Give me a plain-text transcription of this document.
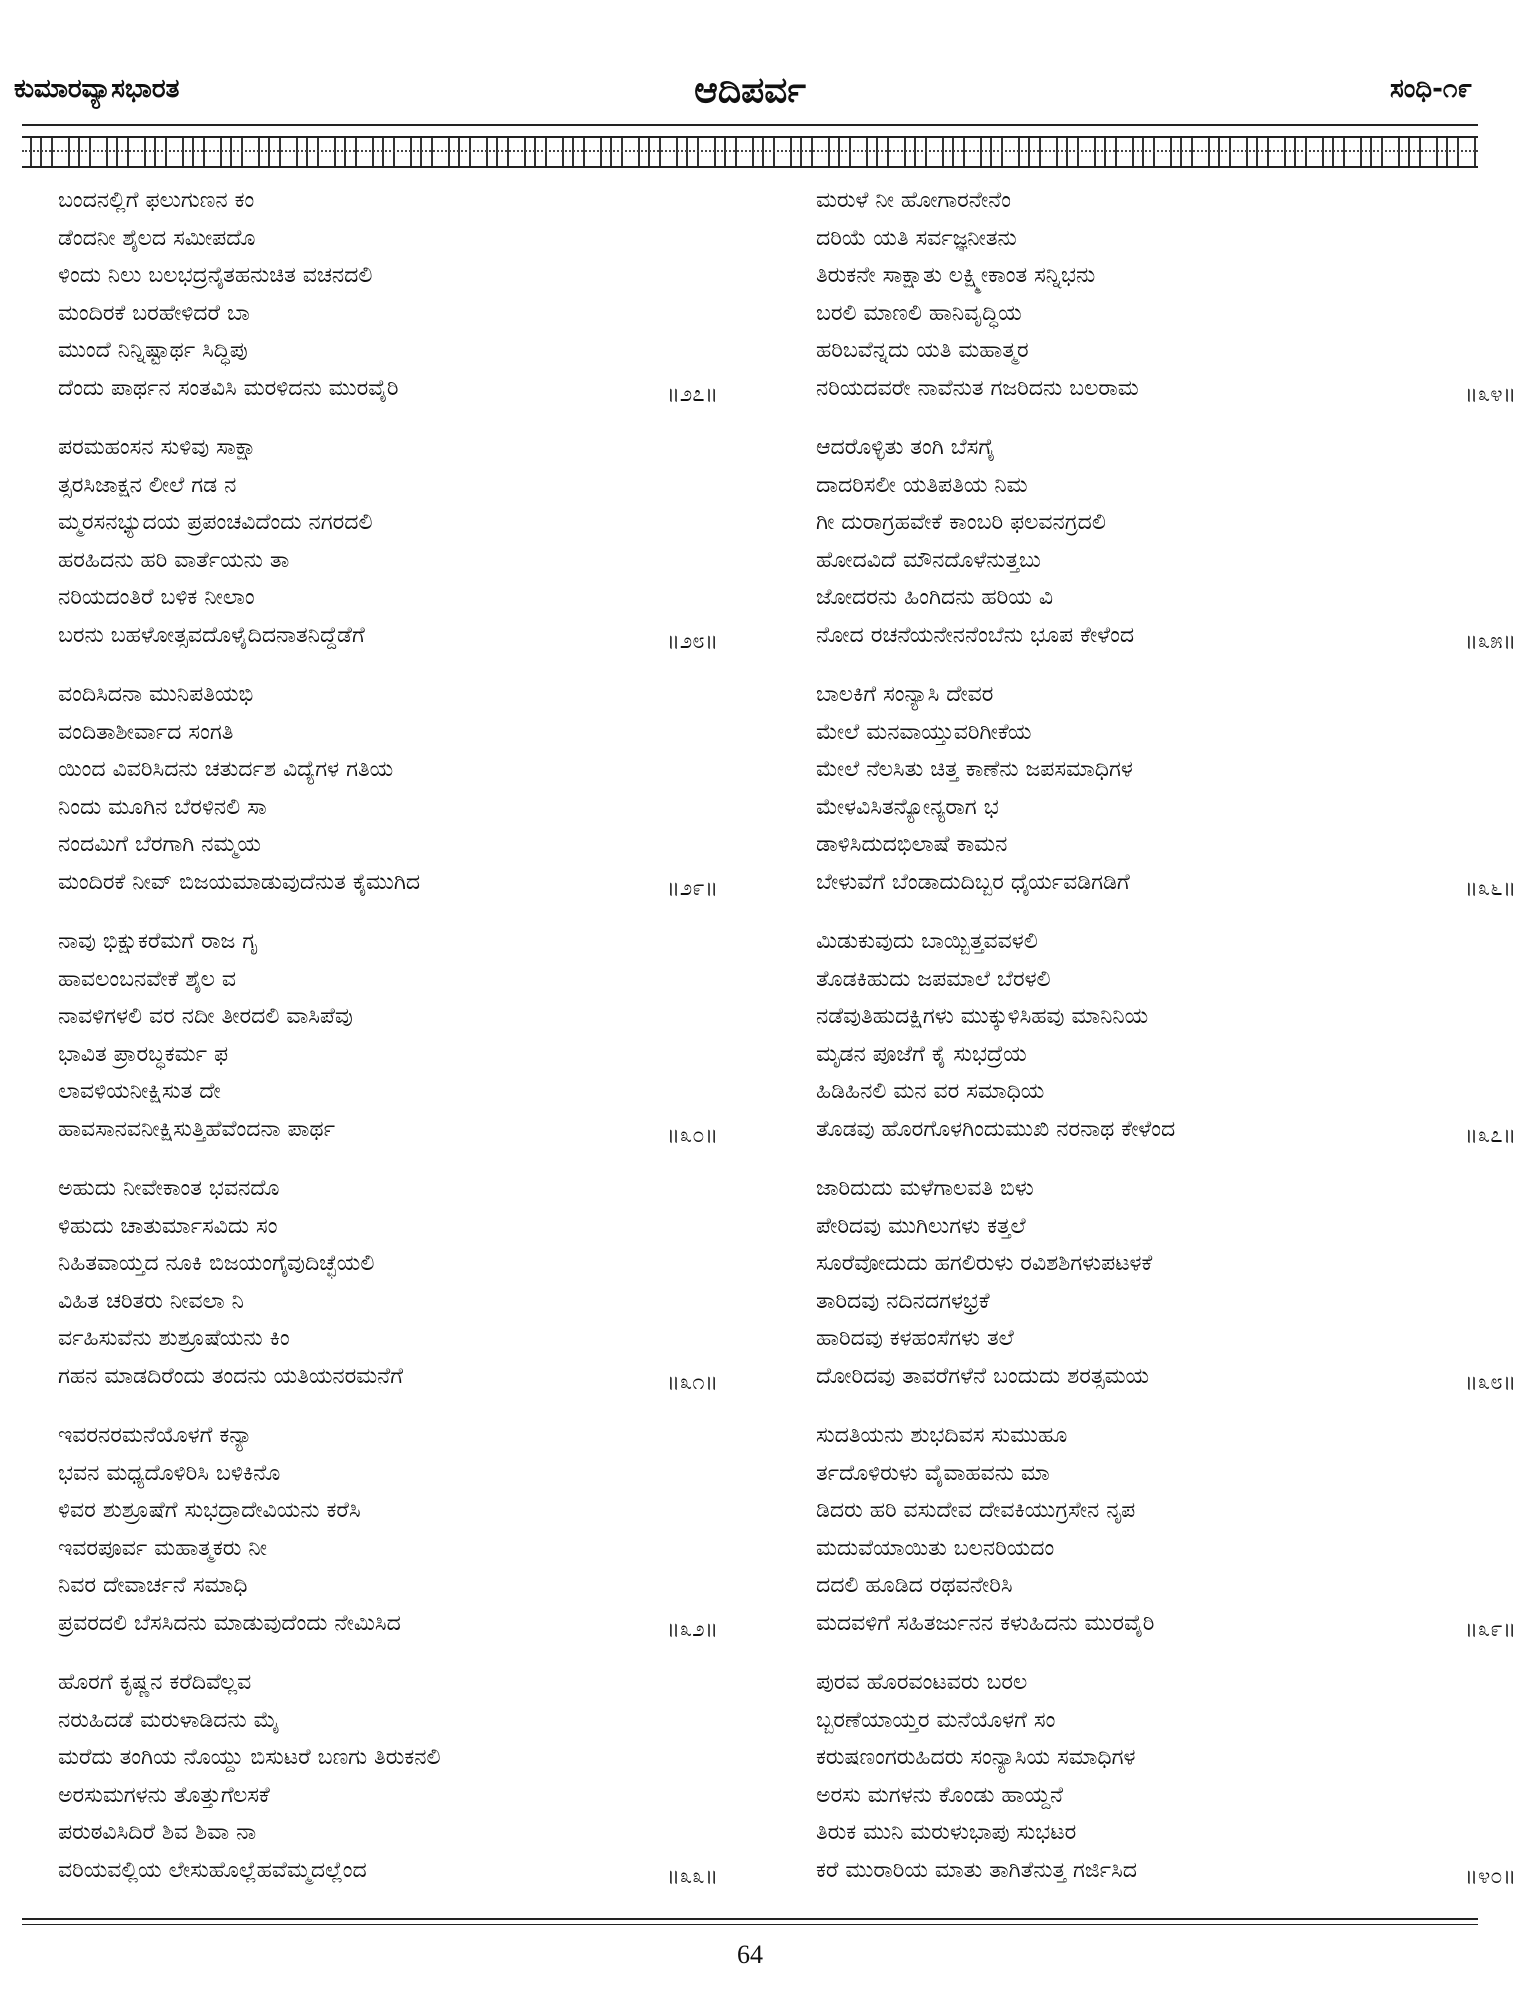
ಕುಮಾರವ್ಯಾಸಭಾರತ	ಆದಿಪರ್ವ	ಸಂಧಿ-೧೯
ಬಂದನಲ್ಲಿಗೆ ಫಲುಗುಣನ ಕಂ
ಡೆಂದನೀ ಶೈಲದ ಸಮೀಪದೊ
ಳಿಂದು ನಿಲು ಬಲಭದ್ರನೈತಹನುಚಿತ ವಚನದಲಿ
ಮಂದಿರಕೆ ಬರಹೇಳಿದರೆ ಬಾ
ಮುಂದೆ ನಿನ್ನಿಷ್ಟಾರ್ಥ ಸಿದ್ಧಿಪು
ದೆಂದು ಪಾರ್ಥನ ಸಂತವಿಸಿ ಮರಳಿದನು ಮುರವೈರಿ	॥೨೭॥
ಪರಮಹಂಸನ ಸುಳಿವು ಸಾಕ್ಷಾ
ತ್ಸರಸಿಜಾಕ್ಷನ ಲೀಲೆ ಗಡ ನ
ಮ್ಮರಸನಭ್ಯುದಯ ಪ್ರಪಂಚವಿದೆಂದು ನಗರದಲಿ
ಹರಹಿದನು ಹರಿ ವಾರ್ತೆಯನು ತಾ
ನರಿಯದಂತಿರೆ ಬಳಿಕ ನೀಲಾಂ
ಬರನು ಬಹಳೋತ್ಸವದೊಳೈದಿದನಾತನಿದ್ದೆಡೆಗೆ	॥೨೮॥
ವಂದಿಸಿದನಾ ಮುನಿಪತಿಯಭಿ
ವಂದಿತಾಶೀರ್ವಾದ ಸಂಗತಿ
ಯಿಂದ ವಿವರಿಸಿದನು ಚತುರ್ದಶ ವಿದ್ಯೆಗಳ ಗತಿಯ
ನಿಂದು ಮೂಗಿನ ಬೆರಳಿನಲಿ ಸಾ
ನಂದಮಿಗೆ ಬೆರಗಾಗಿ ನಮ್ಮಯ
ಮಂದಿರಕೆ ನೀವ್ ಬಿಜಯಮಾಡುವುದೆನುತ ಕೈಮುಗಿದ	॥೨೯॥
ನಾವು ಭಿಕ್ಷುಕರೆಮಗೆ ರಾಜ ಗೃ
ಹಾವಲಂಬನವೇಕೆ ಶೈಲ ವ
ನಾವಳಿಗಳಲಿ ವರ ನದೀ ತೀರದಲಿ ವಾಸಿಪೆವು
ಭಾವಿತ ಪ್ರಾರಬ್ಧಕರ್ಮ ಫ
ಲಾವಳಿಯನೀಕ್ಷಿಸುತ ದೇ
ಹಾವಸಾನವನೀಕ್ಷಿಸುತ್ತಿಹೆವೆಂದನಾ ಪಾರ್ಥ	॥೩೦॥
ಅಹುದು ನೀವೇಕಾಂತ ಭವನದೊ
ಳಿಹುದು ಚಾತುರ್ಮಾಸವಿದು ಸಂ
ನಿಹಿತವಾಯ್ತದ ನೂಕಿ ಬಿಜಯಂಗೈವುದಿಚ್ಛೆಯಲಿ
ವಿಹಿತ ಚರಿತರು ನೀವಲಾ ನಿ
ರ್ವಹಿಸುವೆನು ಶುಶ್ರೂಷೆಯನು ಕಿಂ
ಗಹನ ಮಾಡದಿರೆಂದು ತಂದನು ಯತಿಯನರಮನೆಗೆ	॥೩೧॥
ಇವರನರಮನೆಯೊಳಗೆ ಕನ್ಯಾ
ಭವನ ಮಧ್ಯದೊಳಿರಿಸಿ ಬಳಿಕಿನೊ
ಳಿವರ ಶುಶ್ರೂಷೆಗೆ ಸುಭದ್ರಾದೇವಿಯನು ಕರೆಸಿ
ಇವರಪೂರ್ವ ಮಹಾತ್ಮಕರು ನೀ
ನಿವರ ದೇವಾರ್ಚನೆ ಸಮಾಧಿ
ಪ್ರವರದಲಿ ಬೆಸಸಿದನು ಮಾಡುವುದೆಂದು ನೇಮಿಸಿದ	॥೩೨॥
ಹೊರಗೆ ಕೃಷ್ಣನ ಕರೆದಿವೆಲ್ಲವ
ನರುಹಿದಡೆ ಮರುಳಾಡಿದನು ಮೈ
ಮರೆದು ತಂಗಿಯ ನೊಯ್ದು ಬಿಸುಟರೆ ಬಣಗು ತಿರುಕನಲಿ
ಅರಸುಮಗಳನು ತೊತ್ತುಗೆಲಸಕೆ
ಪರುಠವಿಸಿದಿರೆ ಶಿವ ಶಿವಾ ನಾ
ವರಿಯವಲ್ಲಿಯ ಲೇಸುಹೊಲ್ಲೆಹವೆಮ್ಮದಲ್ಲೆಂದ	॥೩೩॥
ಮರುಳೆ ನೀ ಹೋಗಾರನೇನೆಂ
ದರಿಯೆ ಯತಿ ಸರ್ವಜ್ಞನೀತನು
ತಿರುಕನೇ ಸಾಕ್ಷಾತು ಲಕ್ಷ್ಮೀಕಾಂತ ಸನ್ನಿಭನು
ಬರಲಿ ಮಾಣಲಿ ಹಾನಿವೃದ್ಧಿಯ
ಹರಿಬವೆನ್ನದು ಯತಿ ಮಹಾತ್ಮರ
ನರಿಯದವರೇ ನಾವೆನುತ ಗಜರಿದನು ಬಲರಾಮ	॥೩೪॥
ಆದರೊಳ್ಳಿತು ತಂಗಿ ಬೆಸಗೈ
ದಾದರಿಸಲೀ ಯತಿಪತಿಯ ನಿಮ
ಗೀ ದುರಾಗ್ರಹವೇಕೆ ಕಾಂಬರಿ ಫಲವನಗ್ರದಲಿ
ಹೋದವಿದೆ ಮೌನದೊಳೆನುತ್ತಬು
ಜೋದರನು ಹಿಂಗಿದನು ಹರಿಯ ವಿ
ನೋದ ರಚನೆಯನೇನನೆಂಬೆನು ಭೂಪ ಕೇಳೆಂದ	॥೩೫॥
ಬಾಲಕಿಗೆ ಸಂನ್ಯಾಸಿ ದೇವರ
ಮೇಲೆ ಮನವಾಯ್ತುವರಿಗೀಕೆಯ
ಮೇಲೆ ನೆಲಸಿತು ಚಿತ್ತ ಕಾಣೆನು ಜಪಸಮಾಧಿಗಳ
ಮೇಳವಿಸಿತನ್ಯೋನ್ಯರಾಗ ಭ
ಡಾಳಿಸಿದುದಭಿಲಾಷೆ ಕಾಮನ
ಬೇಳುವೆಗೆ ಬೆಂಡಾದುದಿಬ್ಬರ ಧೈರ್ಯವಡಿಗಡಿಗೆ	॥೩೬॥
ಮಿಡುಕುವುದು ಬಾಯ್ಬಿತ್ತವವಳಲಿ
ತೊಡಕಿಹುದು ಜಪಮಾಲೆ ಬೆರಳಲಿ
ನಡೆವುತಿಹುದಕ್ಷಿಗಳು ಮುಕ್ಕುಳಿಸಿಹವು ಮಾನಿನಿಯ
ಮೃಡನ ಪೂಜೆಗೆ ಕೈ ಸುಭದ್ರೆಯ
ಹಿಡಿಹಿನಲಿ ಮನ ವರ ಸಮಾಧಿಯ
ತೊಡವು ಹೊರಗೊಳಗಿಂದುಮುಖಿ ನರನಾಥ ಕೇಳೆಂದ	॥೩೭॥
ಜಾರಿದುದು ಮಳೆಗಾಲವತಿ ಬಿಳು
ಪೇರಿದವು ಮುಗಿಲುಗಳು ಕತ್ತಲೆ
ಸೂರೆವೋದುದು ಹಗಲಿರುಳು ರವಿಶಶಿಗಳುಪಟಳಕೆ
ತಾರಿದವು ನದಿನದಗಳಭ್ರಕೆ
ಹಾರಿದವು ಕಳಹಂಸೆಗಳು ತಲೆ
ದೋರಿದವು ತಾವರೆಗಳೆನೆ ಬಂದುದು ಶರತ್ಸಮಯ	॥೩೮॥
ಸುದತಿಯನು ಶುಭದಿವಸ ಸುಮುಹೂ
ರ್ತದೊಳಿರುಳು ವೈವಾಹವನು ಮಾ
ಡಿದರು ಹರಿ ವಸುದೇವ ದೇವಕಿಯುಗ್ರಸೇನ ನೃಪ
ಮದುವೆಯಾಯಿತು ಬಲನರಿಯದಂ
ದದಲಿ ಹೂಡಿದ ರಥವನೇರಿಸಿ
ಮದವಳಿಗೆ ಸಹಿತರ್ಜುನನ ಕಳುಹಿದನು ಮುರವೈರಿ	॥೩೯॥
ಪುರವ ಹೊರವಂಟವರು ಬರಲ
ಬ್ಬರಣೆಯಾಯ್ತರ ಮನೆಯೊಳಗೆ ಸಂ
ಕರುಷಣಂಗರುಹಿದರು ಸಂನ್ಯಾಸಿಯ ಸಮಾಧಿಗಳ
ಅರಸು ಮಗಳನು ಕೊಂಡು ಹಾಯ್ದನೆ
ತಿರುಕ ಮುನಿ ಮರುಳುಭಾಪು ಸುಭಟರ
ಕರೆ ಮುರಾರಿಯ ಮಾತು ತಾಗಿತೆನುತ್ತ ಗರ್ಜಿಸಿದ	॥೪೦॥
64
